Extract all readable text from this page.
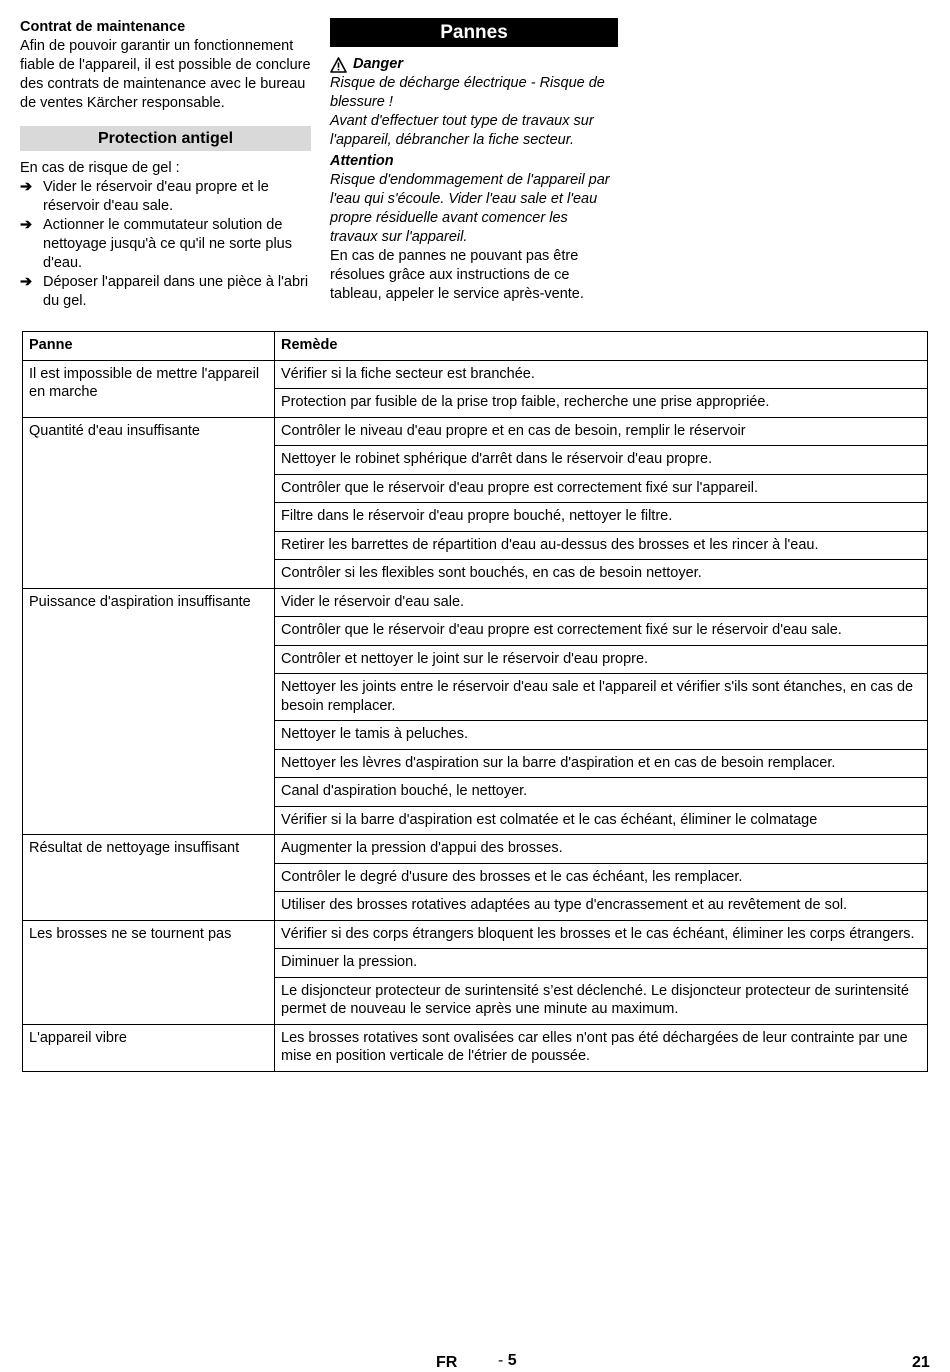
Contrat de maintenance

Afin de pouvoir garantir un fonctionnement fiable de l'appareil, il est possible de conclure des contrats de maintenance avec le bureau de ventes Kärcher responsable.

Protection antigel

En cas de risque de gel :

➔ Vider le réservoir d'eau propre et le réservoir d'eau sale.

➔ Actionner le commutateur solution de nettoyage jusqu'à ce qu'il ne sorte plus d'eau.

➔ Déposer l'appareil dans une pièce à l'abri du gel.

Pannes

Danger

Risque de décharge électrique - Risque de blessure !

Avant d'effectuer tout type de travaux sur l'appareil, débrancher la fiche secteur.

Attention

Risque d'endommagement de l'appareil par l'eau qui s'écoule. Vider l'eau sale et l'eau propre résiduelle avant comencer les travaux sur l'appareil.

En cas de pannes ne pouvant pas être résolues grâce aux instructions de ce tableau, appeler le service après-vente.

Panne	Remède
Il est impossible de mettre l'appareil en marche	Vérifier si la fiche secteur est branchée.
	Protection par fusible de la prise trop faible, recherche une prise appropriée.
Quantité d'eau insuffisante	Contrôler le niveau d'eau propre et en cas de besoin, remplir le réservoir
	Nettoyer le robinet sphérique d'arrêt dans le réservoir d'eau propre.
	Contrôler que le réservoir d'eau propre est correctement fixé sur l'appareil.
	Filtre dans le réservoir d'eau propre bouché, nettoyer le filtre.
	Retirer les barrettes de répartition d'eau au-dessus des brosses et les rincer à l'eau.
	Contrôler si les flexibles sont bouchés, en cas de besoin nettoyer.
Puissance d'aspiration insuffisante	Vider le réservoir d'eau sale.
	Contrôler que le réservoir d'eau propre est correctement fixé sur le réservoir d'eau sale.
	Contrôler et nettoyer le joint sur le réservoir d'eau propre.
	Nettoyer les joints entre le réservoir d'eau sale et l'appareil et vérifier s'ils sont étanches, en cas de besoin remplacer.
	Nettoyer le tamis à peluches.
	Nettoyer les lèvres d'aspiration sur la barre d'aspiration et en cas de besoin remplacer.
	Canal d'aspiration bouché, le nettoyer.
	Vérifier si la barre d'aspiration est colmatée et le cas échéant, éliminer le colmatage
Résultat de nettoyage insuffisant	Augmenter la pression d'appui des brosses.
	Contrôler le degré d'usure des brosses et le cas échéant, les remplacer.
	Utiliser des brosses rotatives adaptées au type d'encrassement et au revêtement de sol.
Les brosses ne se tournent pas	Vérifier si des corps étrangers bloquent les brosses et le cas échéant, éliminer les corps étrangers.
	Diminuer la pression.
	Le disjoncteur protecteur de surintensité s’est déclenché. Le disjoncteur protecteur de surintensité permet de nouveau le service après une minute au maximum.
L'appareil vibre	Les brosses rotatives sont ovalisées car elles n'ont pas été déchargées de leur contrainte par une mise en position verticale de l'étrier de poussée.
FR	- 5	21
